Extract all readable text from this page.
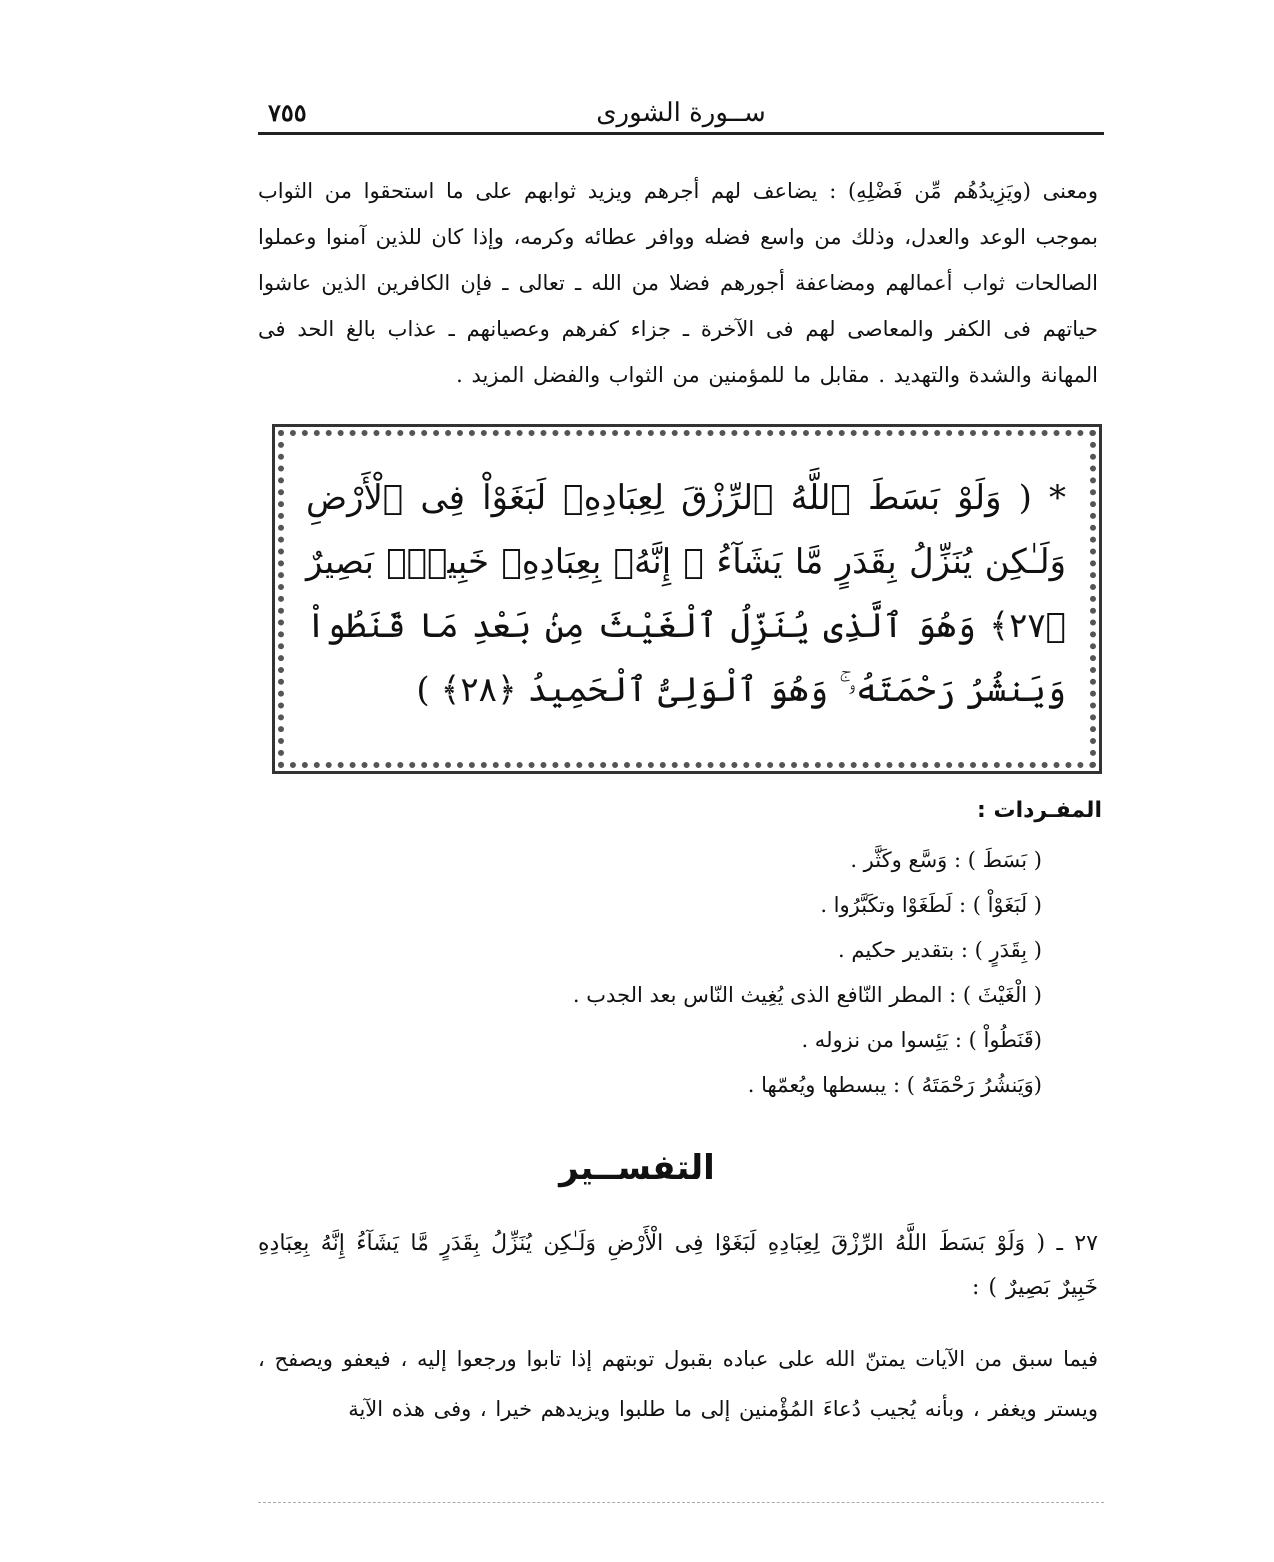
ســورة الشورى
٧٥٥
ومعنى (ويَزِيدُهُم مِّن فَضْلِهِ) : يضاعف لهم أجرهم ويزيد ثوابهم على ما استحقوا من الثواب بموجب الوعد والعدل، وذلك من واسع فضله ووافر عطائه وكرمه، وإذا كان للذين آمنوا وعملوا الصالحات ثواب أعمالهم ومضاعفة أجورهم فضلا من الله ـ تعالى ـ فإن الكافرين الذين عاشوا حياتهم فى الكفر والمعاصى لهم فى الآخرة ـ جزاء كفرهم وعصيانهم ـ عذاب بالغ الحد فى المهانة والشدة والتهديد . مقابل ما للمؤمنين من الثواب والفضل المزيد .
* ( وَلَوْ بَسَطَ ٱللَّهُ ٱلرِّزْقَ لِعِبَادِهِۦ لَبَغَوْاْ فِى ٱلْأَرْضِ وَلَـٰكِن يُنَزِّلُ بِقَدَرٍ مَّا يَشَآءُ ۚ إِنَّهُۥ بِعِبَادِهِۦ خَبِيرٌۢ بَصِيرٌ ﴿٢٧﴾ وَهُوَ ٱلَّذِى يُنَزِّلُ ٱلْغَيْثَ مِنۢ بَعْدِ مَا قَنَطُواْ وَيَنشُرُ رَحْمَتَهُۥ ۚ وَهُوَ ٱلْوَلِىُّ ٱلْحَمِيدُ ﴿٢٨﴾ )
المفـردات :
( بَسَطَ ) : وَسَّع وكَثَّر .
( لَبَغَوْاْ ) : لَطَغَوْا وتكَبَّرُوا .
( بِقَدَرٍ ) : بتقدير حكيم .
( الْغَيْثَ ) : المطر النّافع الذى يُغِيث النّاس بعد الجدب .
(قَنَطُواْ ) : يَئِسوا من نزوله .
(وَيَنشُرُ رَحْمَتَهُ ) : يبسطها ويُعمّها .
التفســير
٢٧ ـ ( وَلَوْ بَسَطَ اللَّهُ الرِّزْقَ لِعِبَادِهِ لَبَغَوْا فِى الْأَرْضِ وَلَـٰكِن يُنَزِّلُ بِقَدَرٍ مَّا يَشَآءُ إِنَّهُ بِعِبَادِهِ خَبِيرٌ بَصِيرٌ ) :
فيما سبق من الآيات يمتنّ الله على عباده بقبول توبتهم إذا تابوا ورجعوا إليه ، فيعفو ويصفح ، ويستر ويغفر ، وبأنه يُجيب دُعاءَ المُؤْمنين إلى ما طلبوا ويزيدهم خيرا ، وفى هذه الآية
